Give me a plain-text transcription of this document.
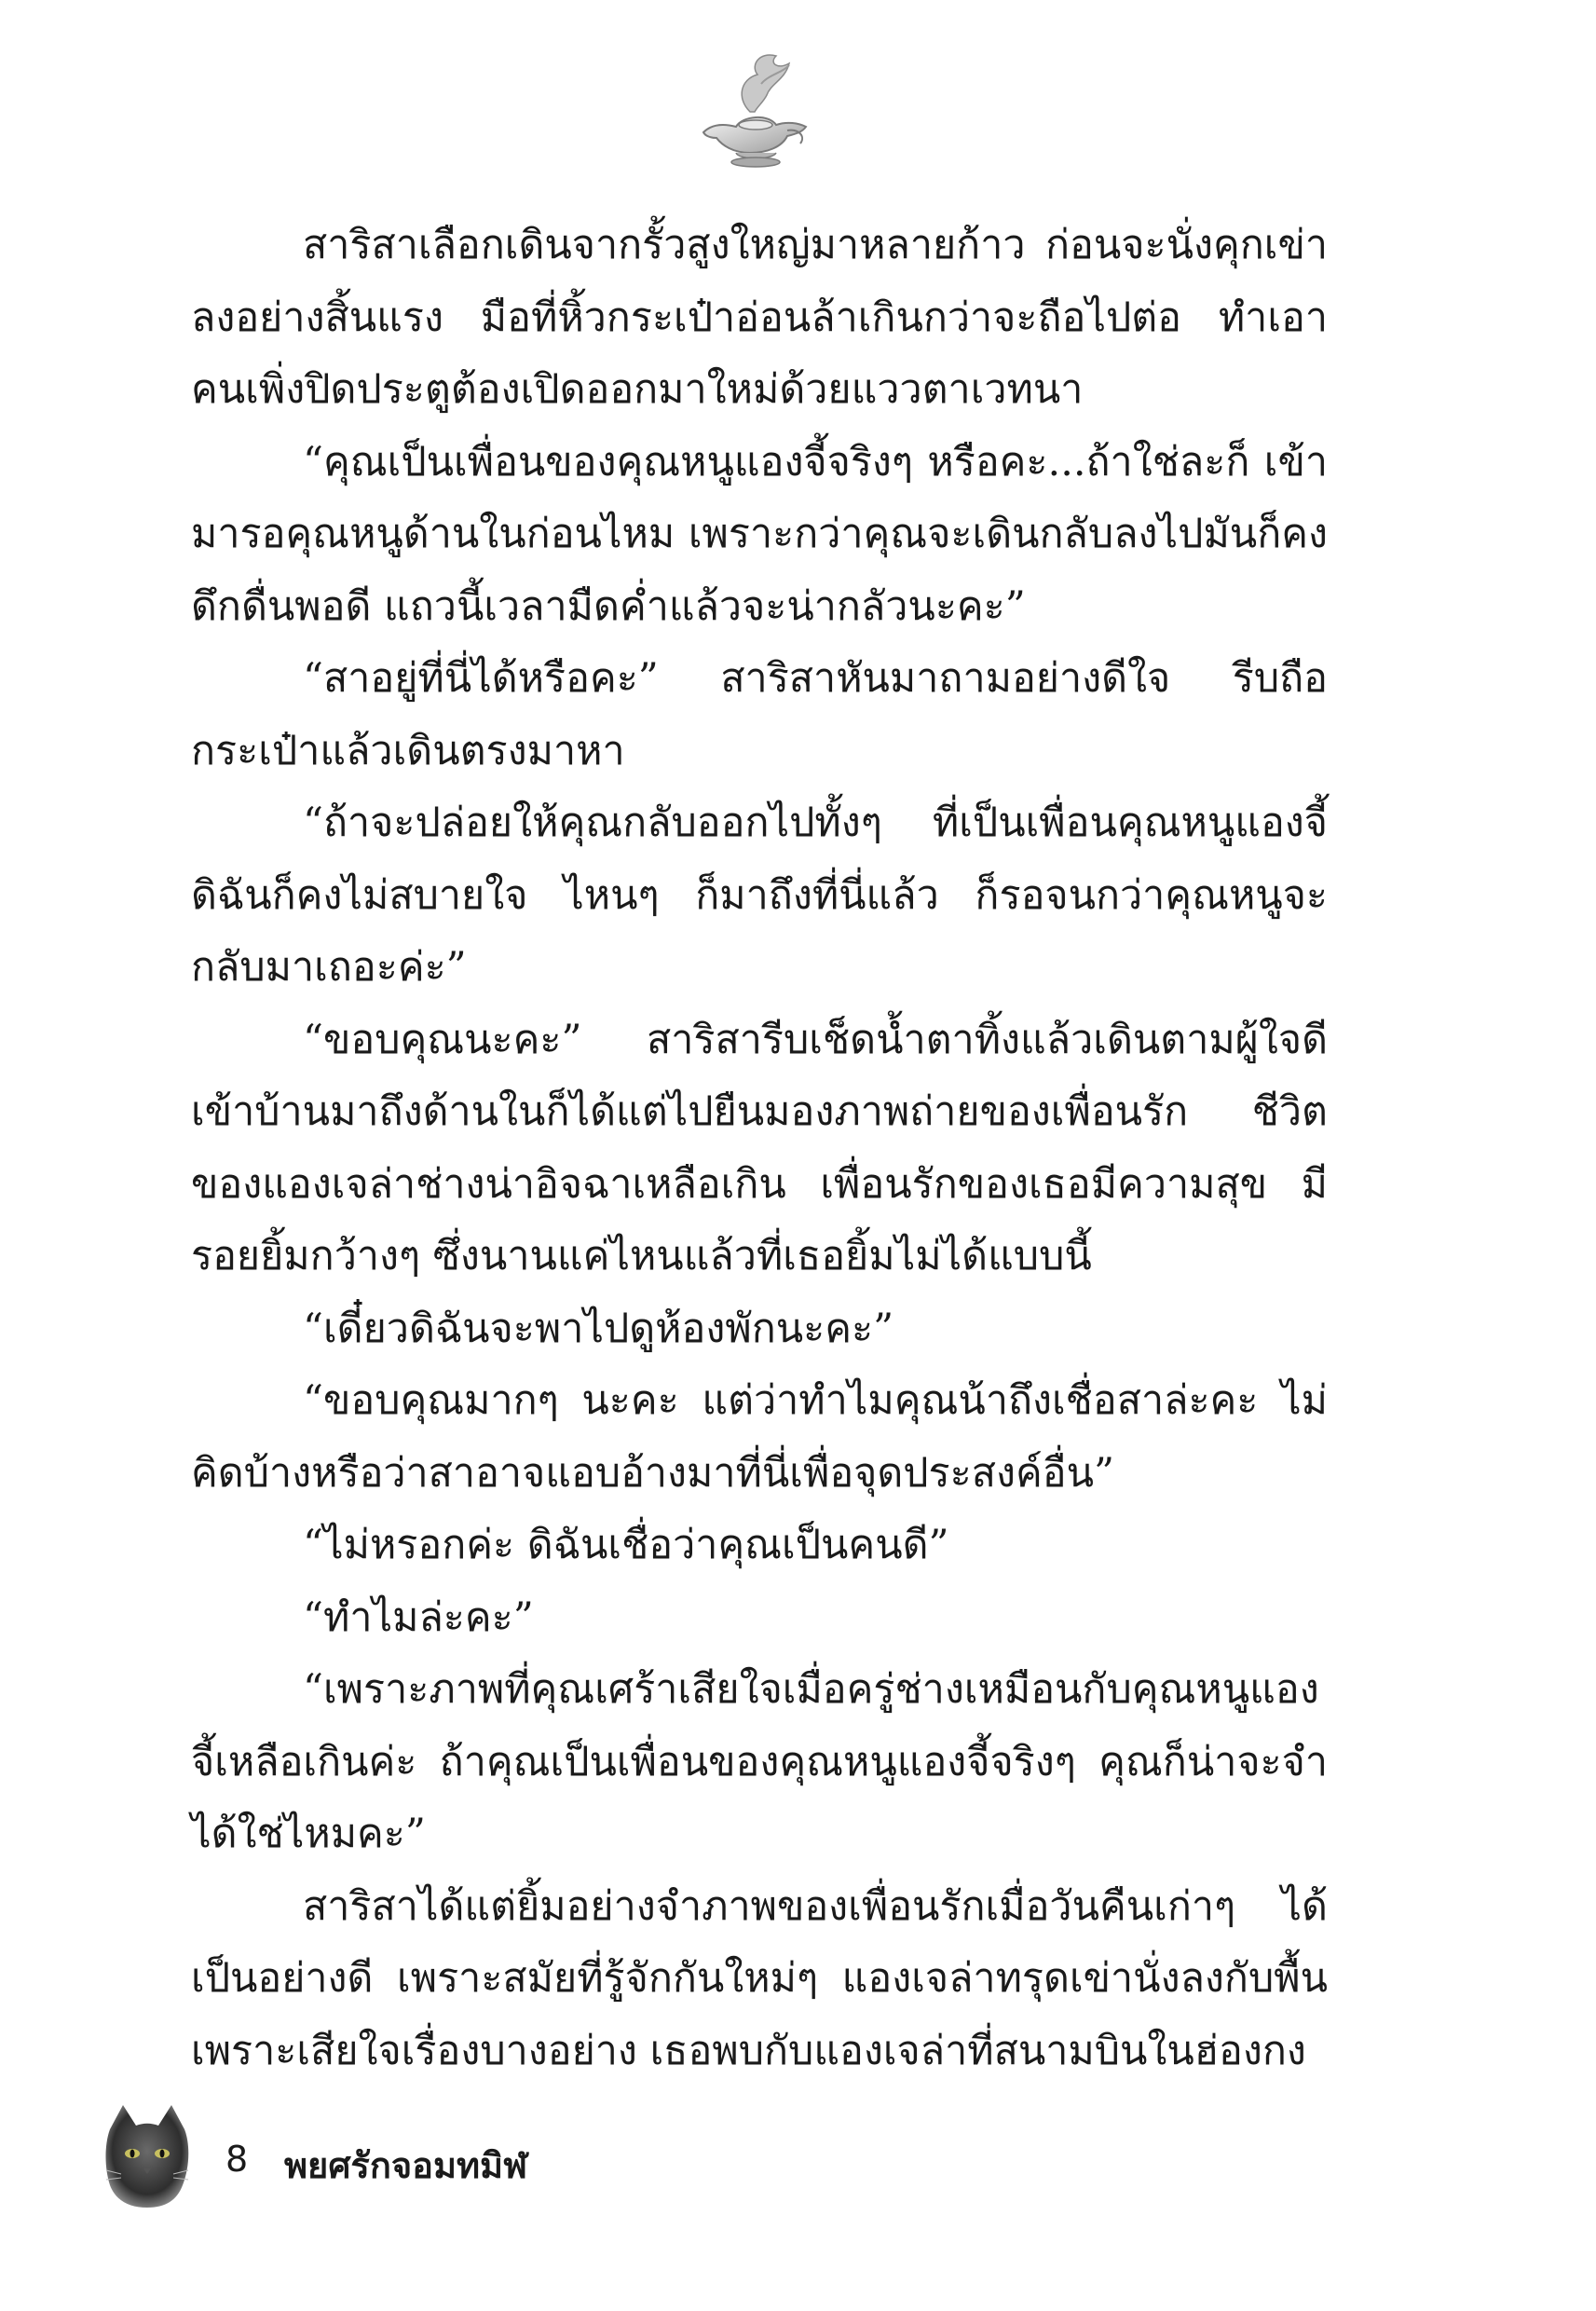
สาริสาเลือกเดินจากรั้วสูงใหญ่มาหลายก้าว ก่อนจะนั่งคุกเข่าลงอย่างสิ้นแรง มือที่หิ้วกระเป๋าอ่อนล้าเกินกว่าจะถือไปต่อ ทำเอาคนเพิ่งปิดประตูต้องเปิดออกมาใหม่ด้วยแววตาเวทนา

“คุณเป็นเพื่อนของคุณหนูแองจี้จริงๆ หรือคะ...ถ้าใช่ละก็ เข้ามารอคุณหนูด้านในก่อนไหม เพราะกว่าคุณจะเดินกลับลงไปมันก็คงดึกดื่นพอดี แถวนี้เวลามืดค่ำแล้วจะน่ากลัวนะคะ”

“สาอยู่ที่นี่ได้หรือคะ” สาริสาหันมาถามอย่างดีใจ รีบถือกระเป๋าแล้วเดินตรงมาหา

“ถ้าจะปล่อยให้คุณกลับออกไปทั้งๆ ที่เป็นเพื่อนคุณหนูแองจี้ดิฉันก็คงไม่สบายใจ ไหนๆ ก็มาถึงที่นี่แล้ว ก็รอจนกว่าคุณหนูจะกลับมาเถอะค่ะ”

“ขอบคุณนะคะ” สาริสารีบเช็ดน้ำตาทิ้งแล้วเดินตามผู้ใจดีเข้าบ้านมาถึงด้านในก็ได้แต่ไปยืนมองภาพถ่ายของเพื่อนรัก ชีวิตของแองเจล่าช่างน่าอิจฉาเหลือเกิน เพื่อนรักของเธอมีความสุข มีรอยยิ้มกว้างๆ ซึ่งนานแค่ไหนแล้วที่เธอยิ้มไม่ได้แบบนี้

“เดี๋ยวดิฉันจะพาไปดูห้องพักนะคะ”

“ขอบคุณมากๆ นะคะ แต่ว่าทำไมคุณน้าถึงเชื่อสาล่ะคะ ไม่คิดบ้างหรือว่าสาอาจแอบอ้างมาที่นี่เพื่อจุดประสงค์อื่น”

“ไม่หรอกค่ะ ดิฉันเชื่อว่าคุณเป็นคนดี”

“ทำไมล่ะคะ”

“เพราะภาพที่คุณเศร้าเสียใจเมื่อครู่ช่างเหมือนกับคุณหนูแองจี้เหลือเกินค่ะ ถ้าคุณเป็นเพื่อนของคุณหนูแองจี้จริงๆ คุณก็น่าจะจำได้ใช่ไหมคะ”

สาริสาได้แต่ยิ้มอย่างจำภาพของเพื่อนรักเมื่อวันคืนเก่าๆ ได้เป็นอย่างดี เพราะสมัยที่รู้จักกันใหม่ๆ แองเจล่าทรุดเข่านั่งลงกับพื้นเพราะเสียใจเรื่องบางอย่าง เธอพบกับแองเจล่าที่สนามบินในฮ่องกง

8 พยศรักจอมทมิฬ
